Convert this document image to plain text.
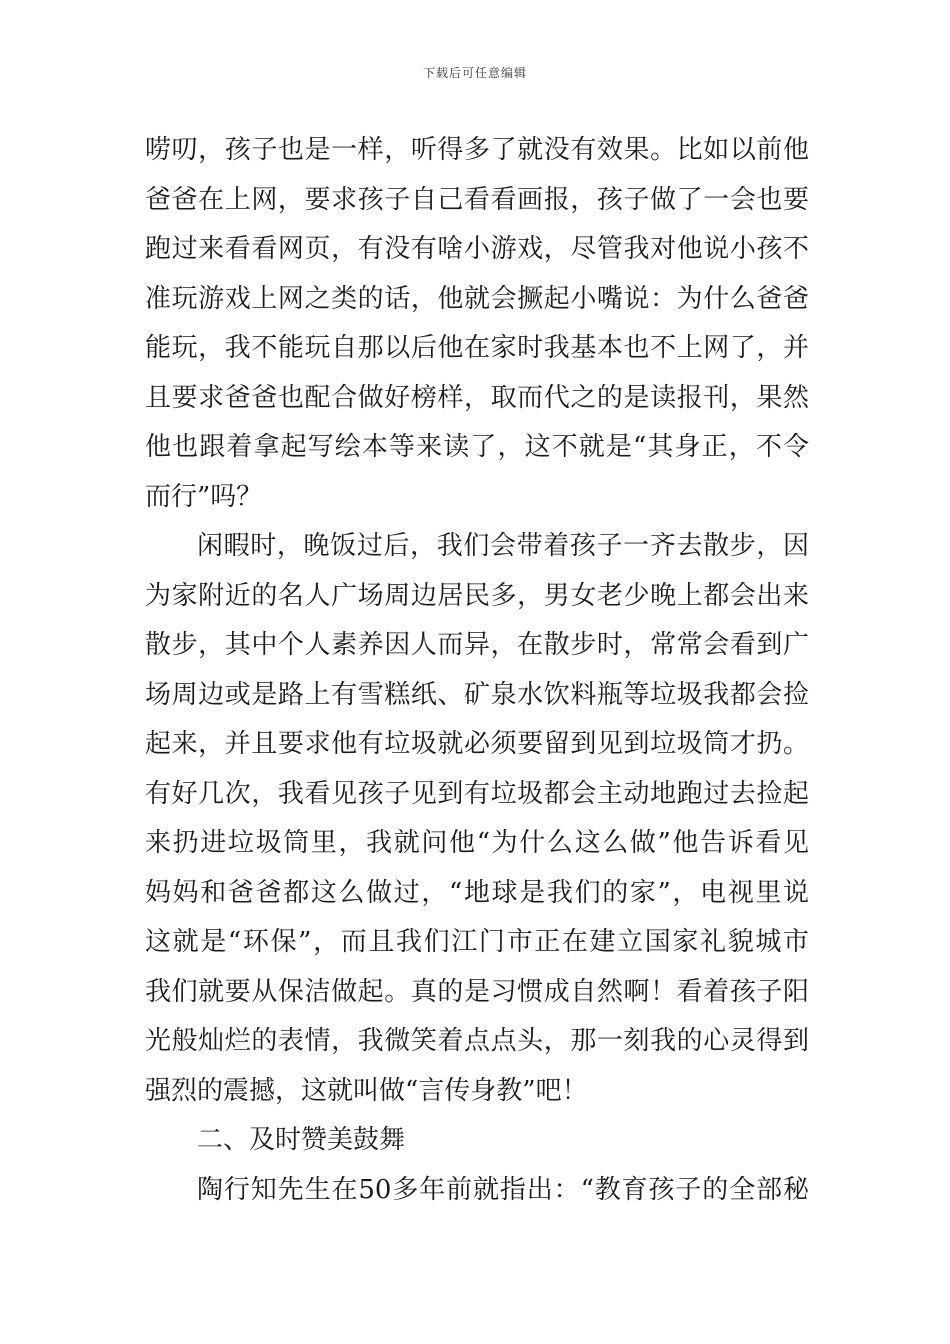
下载后可任意编辑
唠叨，孩子也是一样，听得多了就没有效果。比如以前他
爸爸在上网，要求孩子自己看看画报，孩子做了一会也要
跑过来看看网页，有没有啥小游戏，尽管我对他说小孩不
准玩游戏上网之类的话，他就会撅起小嘴说：为什么爸爸
能玩，我不能玩自那以后他在家时我基本也不上网了，并
且要求爸爸也配合做好榜样，取而代之的是读报刊，果然
他也跟着拿起写绘本等来读了，这不就是“其身正，不令
而行”吗？
闲暇时，晚饭过后，我们会带着孩子一齐去散步，因
为家附近的名人广场周边居民多，男女老少晚上都会出来
散步，其中个人素养因人而异，在散步时，常常会看到广
场周边或是路上有雪糕纸、矿泉水饮料瓶等垃圾我都会捡
起来，并且要求他有垃圾就必须要留到见到垃圾筒才扔。
有好几次，我看见孩子见到有垃圾都会主动地跑过去捡起
来扔进垃圾筒里，我就问他“为什么这么做”他告诉看见
妈妈和爸爸都这么做过，“地球是我们的家”，电视里说
这就是“环保”，而且我们江门市正在建立国家礼貌城市
我们就要从保洁做起。真的是习惯成自然啊！看着孩子阳
光般灿烂的表情，我微笑着点点头，那一刻我的心灵得到
强烈的震撼，这就叫做“言传身教”吧！
二、及时赞美鼓舞
陶行知先生在50多年前就指出：“教育孩子的全部秘
